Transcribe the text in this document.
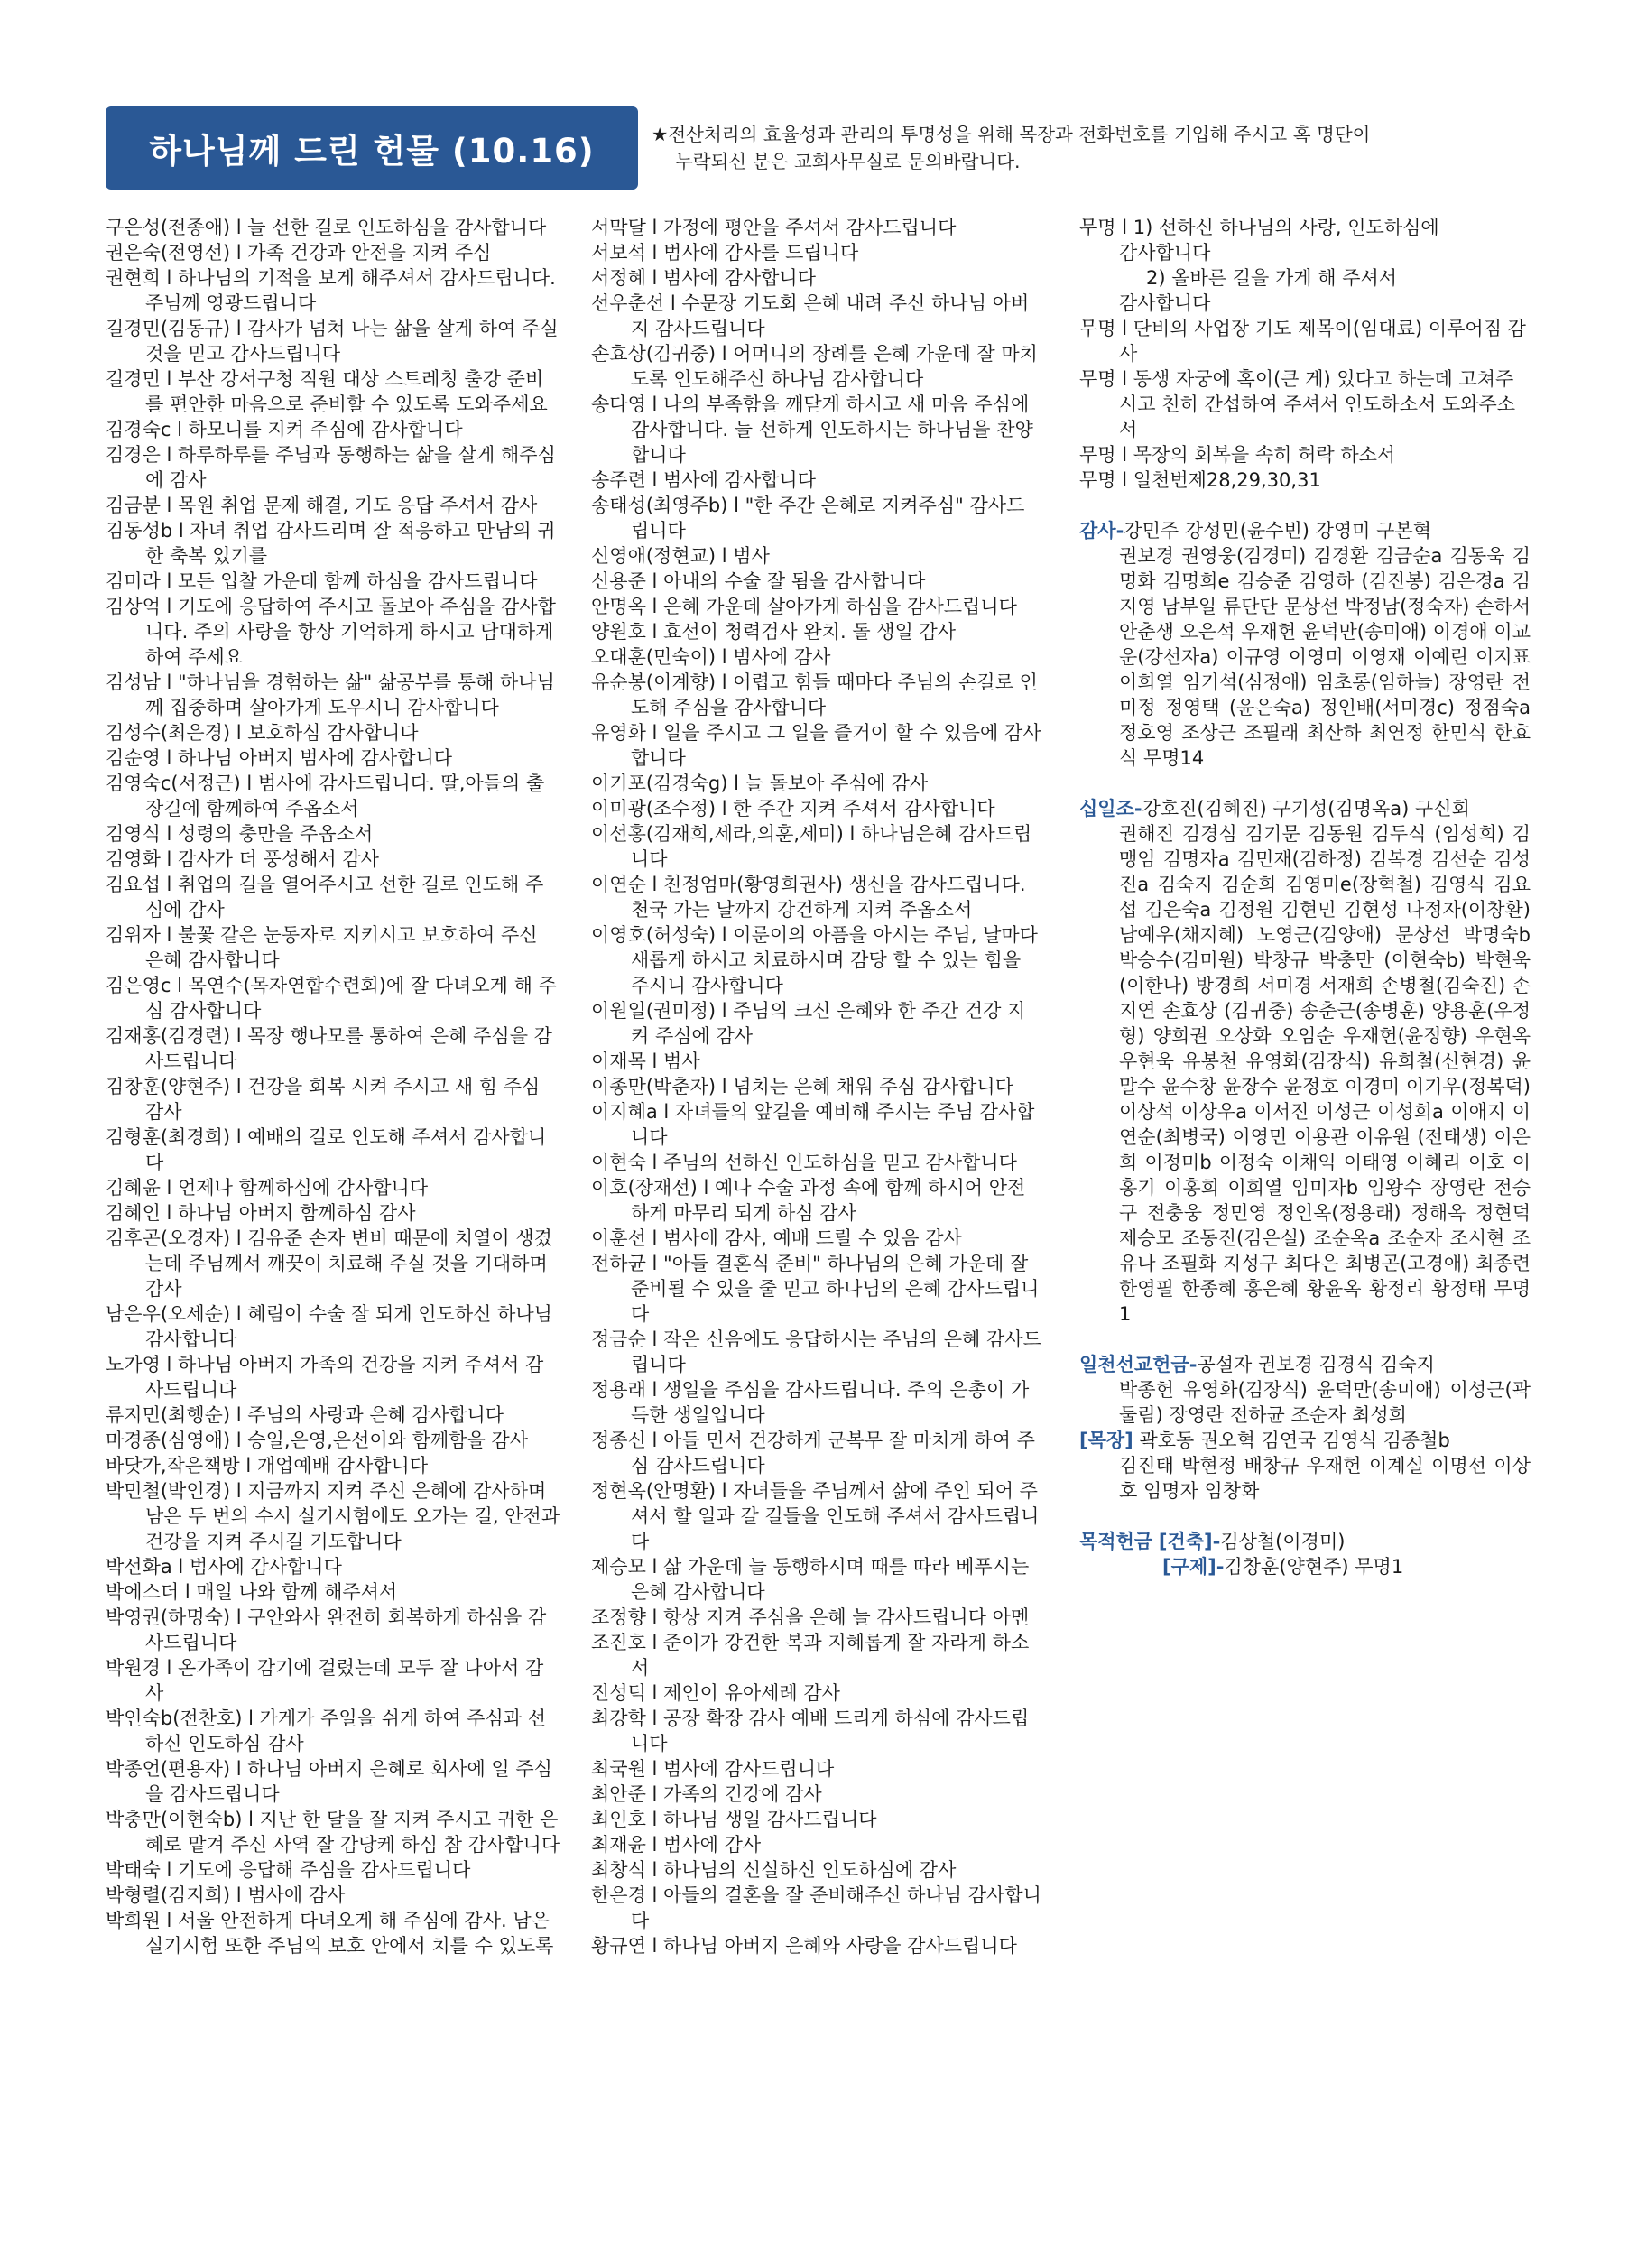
하나님께 드린 헌물 (10.16)	★전산처리의 효율성과 관리의 투명성을 위해 목장과 전화번호를 기입해 주시고 혹 명단이
누락되신 분은 교회사무실로 문의바랍니다.

구은성(전종애) l 늘 선한 길로 인도하심을 감사합니다

권은숙(전영선) l 가족 건강과 안전을 지켜 주심

권현희 l 하나님의 기적을 보게 해주셔서 감사드립니다. 주님께 영광드립니다

길경민(김동규) l 감사가 넘쳐 나는 삶을 살게 하여 주실 것을 믿고 감사드립니다

길경민 l 부산 강서구청 직원 대상 스트레칭 출강 준비를 편안한 마음으로 준비할 수 있도록 도와주세요

김경숙c l 하모니를 지켜 주심에 감사합니다

김경은 l 하루하루를 주님과 동행하는 삶을 살게 해주심에 감사

김금분 l 목원 취업 문제 해결, 기도 응답 주셔서 감사

김동성b l 자녀 취업 감사드리며 잘 적응하고 만남의 귀한 축복 있기를

김미라 l 모든 입찰 가운데 함께 하심을 감사드립니다

김상억 l 기도에 응답하여 주시고 돌보아 주심을 감사합니다. 주의 사랑을 항상 기억하게 하시고 담대하게 하여 주세요

김성남 l "하나님을 경험하는 삶" 삶공부를 통해 하나님께 집중하며 살아가게 도우시니 감사합니다

김성수(최은경) l 보호하심 감사합니다

김순영 l 하나님 아버지 범사에 감사합니다

김영숙c(서정근) l 범사에 감사드립니다. 딸,아들의 출장길에 함께하여 주옵소서

김영식 l 성령의 충만을 주옵소서

김영화 l 감사가 더 풍성해서 감사

김요섭 l 취업의 길을 열어주시고 선한 길로 인도해 주심에 감사

김위자 l 불꽃 같은 눈동자로 지키시고 보호하여 주신 은혜 감사합니다

김은영c l 목연수(목자연합수련회)에 잘 다녀오게 해 주심 감사합니다

김재홍(김경련) l 목장 행나모를 통하여 은혜 주심을 감사드립니다

김창훈(양현주) l 건강을 회복 시켜 주시고 새 힘 주심 감사

김형훈(최경희) l 예배의 길로 인도해 주셔서 감사합니다

김혜윤 l 언제나 함께하심에 감사합니다

김혜인 l 하나님 아버지 함께하심 감사

김후곤(오경자) l 김유준 손자 변비 때문에 치열이 생겼는데 주님께서 깨끗이 치료해 주실 것을 기대하며 감사

남은우(오세순) l 혜림이 수술 잘 되게 인도하신 하나님 감사합니다

노가영 l 하나님 아버지 가족의 건강을 지켜 주셔서 감사드립니다

류지민(최행순) l 주님의 사랑과 은혜 감사합니다

마경종(심영애) l 승일,은영,은선이와 함께함을 감사

바닷가,작은책방 l 개업예배 감사합니다

박민철(박인경) l 지금까지 지켜 주신 은혜에 감사하며 남은 두 번의 수시 실기시험에도 오가는 길, 안전과 건강을 지켜 주시길 기도합니다

박선화a l 범사에 감사합니다

박에스더 l 매일 나와 함께 해주셔서

박영권(하명숙) l 구안와사 완전히 회복하게 하심을 감사드립니다

박원경 l 온가족이 감기에 걸렸는데 모두 잘 나아서 감사

박인숙b(전찬호) l 가게가 주일을 쉬게 하여 주심과 선하신 인도하심 감사

박종언(편용자) l 하나님 아버지 은혜로 회사에 일 주심을 감사드립니다

박충만(이현숙b) l 지난 한 달을 잘 지켜 주시고 귀한 은혜로 맡겨 주신 사역 잘 감당케 하심 참 감사합니다

박태숙 l 기도에 응답해 주심을 감사드립니다

박형렬(김지희) l 범사에 감사

박희원 l 서울 안전하게 다녀오게 해 주심에 감사. 남은 실기시험 또한 주님의 보호 안에서 치를 수 있도록

서막달 l 가정에 평안을 주셔서 감사드립니다

서보석 l 범사에 감사를 드립니다

서정혜 l 범사에 감사합니다

선우춘선 l 수문장 기도회 은혜 내려 주신 하나님 아버지 감사드립니다

손효상(김귀중) l 어머니의 장례를 은혜 가운데 잘 마치도록 인도해주신 하나님 감사합니다

송다영 l 나의 부족함을 깨닫게 하시고 새 마음 주심에 감사합니다. 늘 선하게 인도하시는 하나님을 찬양합니다

송주련 l 범사에 감사합니다

송태성(최영주b) l "한 주간 은혜로 지켜주심" 감사드립니다

신영애(정현교) l 범사

신용준 l 아내의 수술 잘 됨을 감사합니다

안명옥 l 은혜 가운데 살아가게 하심을 감사드립니다

양원호 l 효선이 청력검사 완치. 돌 생일 감사

오대훈(민숙이) l 범사에 감사

유순봉(이계향) l 어렵고 힘들 때마다 주님의 손길로 인도해 주심을 감사합니다

유영화 l 일을 주시고 그 일을 즐거이 할 수 있음에 감사합니다

이기포(김경숙g) l 늘 돌보아 주심에 감사

이미광(조수정) l 한 주간 지켜 주셔서 감사합니다

이선홍(김재희,세라,의훈,세미) l 하나님은혜 감사드립니다

이연순 l 친정엄마(황영희권사) 생신을 감사드립니다. 천국 가는 날까지 강건하게 지켜 주옵소서

이영호(허성숙) l 이룬이의 아픔을 아시는 주님, 날마다 새롭게 하시고 치료하시며 감당 할 수 있는 힘을 주시니 감사합니다

이원일(권미정) l 주님의 크신 은혜와 한 주간 건강 지켜 주심에 감사

이재목 l 범사

이종만(박춘자) l 넘치는 은혜 채워 주심 감사합니다

이지혜a l 자녀들의 앞길을 예비해 주시는 주님 감사합니다

이현숙 l 주님의 선하신 인도하심을 믿고 감사합니다

이호(장재선) l 예나 수술 과정 속에 함께 하시어 안전하게 마무리 되게 하심 감사

이훈선 l 범사에 감사, 예배 드릴 수 있음 감사

전하균 l "아들 결혼식 준비" 하나님의 은혜 가운데 잘 준비될 수 있을 줄 믿고 하나님의 은혜 감사드립니다

정금순 l 작은 신음에도 응답하시는 주님의 은혜 감사드립니다

정용래 l 생일을 주심을 감사드립니다. 주의 은총이 가득한 생일입니다

정종신 l 아들 민서 건강하게 군복무 잘 마치게 하여 주심 감사드립니다

정현옥(안명환) l 자녀들을 주님께서 삶에 주인 되어 주셔서 할 일과 갈 길들을 인도해 주셔서 감사드립니다

제승모 l 삶 가운데 늘 동행하시며 때를 따라 베푸시는 은혜 감사합니다

조정향 l 항상 지켜 주심을 은혜 늘 감사드립니다 아멘

조진호 l 준이가 강건한 복과 지혜롭게 잘 자라게 하소서

진성덕 l 제인이 유아세례 감사

최강학 l 공장 확장 감사 예배 드리게 하심에 감사드립니다

최국원 l 범사에 감사드립니다

최안준 l 가족의 건강에 감사

최인호 l 하나님 생일 감사드립니다

최재윤 l 범사에 감사

최창식 l 하나님의 신실하신 인도하심에 감사

한은경 l 아들의 결혼을 잘 준비해주신 하나님 감사합니다

황규연 l 하나님 아버지 은혜와 사랑을 감사드립니다

무명 l 1) 선하신 하나님의 사랑, 인도하심에

감사합니다

2) 올바른 길을 가게 해 주셔서

감사합니다

무명 l 단비의 사업장 기도 제목이(임대료) 이루어짐 감사

무명 l 동생 자궁에 혹이(큰 게) 있다고 하는데 고쳐주시고 친히 간섭하여 주셔서 인도하소서 도와주소서

무명 l 목장의 회복을 속히 허락 하소서

무명 l 일천번제28,29,30,31

감사-강민주 강성민(윤수빈) 강영미 구본혁
권보경 권영웅(김경미) 김경환 김금순a 김동욱 김명화 김명희e 김승준 김영하 (김진봉) 김은경a 김지영 남부일 류단단 문상선 박정남(정숙자) 손하서 안춘생 오은석 우재헌 윤덕만(송미애) 이경애 이교운(강선자a) 이규영 이영미 이영재 이예린 이지표 이희열 임기석(심정애) 임초롱(임하늘) 장영란 전미정 정영택 (윤은숙a) 정인배(서미경c) 정점숙a 정호영 조상근 조필래 최산하 최연정 한민식 한효식 무명14

십일조-강호진(김혜진) 구기성(김명옥a) 구신회
권해진 김경심 김기문 김동원 김두식 (임성희) 김맹임 김명자a 김민재(김하정) 김복경 김선순 김성진a 김숙지 김순희 김영미e(장혁철) 김영식 김요섭 김은숙a 김정원 김현민 김현성 나정자(이창환) 남예우(채지혜) 노영근(김양애) 문상선 박명숙b 박승수(김미원) 박창규 박충만 (이현숙b) 박현욱(이한나) 방경희 서미경 서재희 손병철(김숙진) 손지연 손효상 (김귀중) 송춘근(송병훈) 양용훈(우정형) 양희권 오상화 오임순 우재헌(윤정향) 우현옥 우현욱 유봉천 유영화(김장식) 유희철(신현경) 윤말수 윤수창 윤장수 윤정호 이경미 이기우(정복덕) 이상석 이상우a 이서진 이성근 이성희a 이애지 이연순(최병국) 이영민 이용관 이유원 (전태생) 이은희 이정미b 이정숙 이채익 이태영 이혜리 이호 이홍기 이홍희 이희열 임미자b 임왕수 장영란 전승구 전충웅 정민영 정인옥(정용래) 정해옥 정현덕 제승모 조동진(김은실) 조순옥a 조순자 조시현 조유나 조필화 지성구 최다은 최병곤(고경애) 최종련 한영필 한종혜 홍은혜 황윤옥 황정리 황정태 무명1

일천선교헌금-공설자 권보경 김경식 김숙지
박종헌 유영화(김장식) 윤덕만(송미애) 이성근(곽둘림) 장영란 전하균 조순자 최성희

[목장] 곽호동 권오혁 김연국 김영식 김종철b
김진태 박현정 배창규 우재헌 이계실 이명선 이상호 임명자 임창화

목적헌금 [건축]-김상철(이경미)
[구제]-김창훈(양현주) 무명1
